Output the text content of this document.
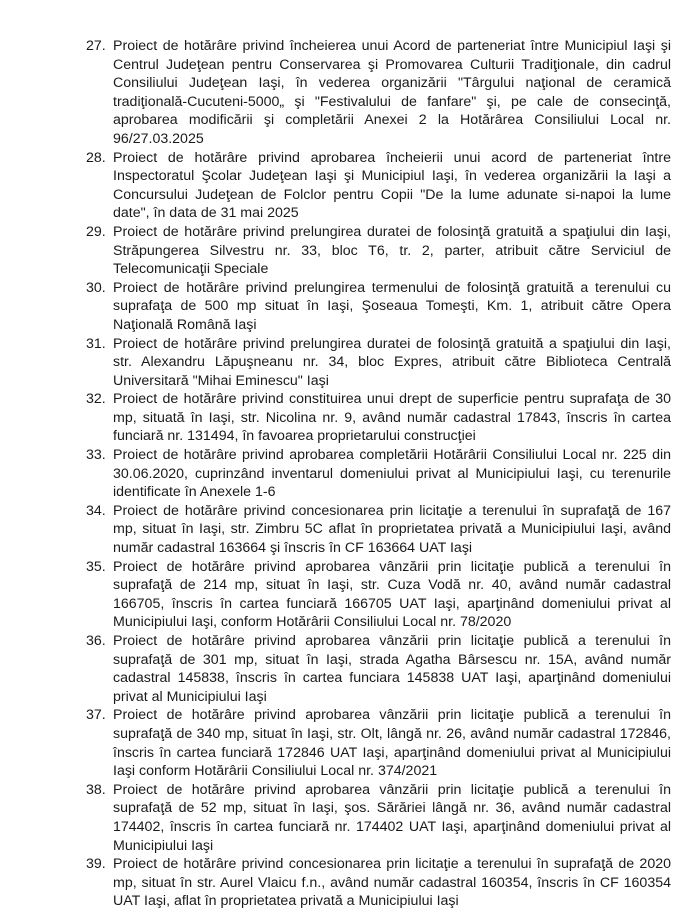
27. Proiect de hotărâre privind încheierea unui Acord de parteneriat între Municipiul Iaşi şi Centrul Judeţean pentru Conservarea şi Promovarea Culturii Tradiţionale, din cadrul Consiliului Judeţean Iaşi, în vederea organizării "Târgului naţional de ceramică tradiţională-Cucuteni-5000„ şi "Festivalului de fanfare" şi, pe cale de consecinţă, aprobarea modificării şi completării Anexei 2 la Hotărârea Consiliului Local nr. 96/27.03.2025
28. Proiect de hotărâre privind aprobarea încheierii unui acord de parteneriat între Inspectoratul Şcolar Judeţean Iaşi şi Municipiul Iaşi, în vederea organizării la Iaşi a Concursului Judeţean de Folclor pentru Copii "De la lume adunate si-napoi la lume date", în data de 31 mai 2025
29. Proiect de hotărâre privind prelungirea duratei de folosinţă gratuită a spaţiului din Iaşi, Străpungerea Silvestru nr. 33, bloc T6, tr. 2, parter, atribuit către Serviciul de Telecomunicaţii Speciale
30. Proiect de hotărâre privind prelungirea termenului de folosinţă gratuită a terenului cu suprafaţa de 500 mp situat în Iaşi, Şoseaua Tomeşti, Km. 1, atribuit către Opera Naţională Română Iaşi
31. Proiect de hotărâre privind prelungirea duratei de folosinţă gratuită a spaţiului din Iaşi, str. Alexandru Lăpuşneanu nr. 34, bloc Expres, atribuit către Biblioteca Centrală Universitară "Mihai Eminescu" Iaşi
32. Proiect de hotărâre privind constituirea unui drept de superficie pentru suprafaţa de 30 mp, situată în Iaşi, str. Nicolina nr. 9, având număr cadastral 17843, înscris în cartea funciară nr. 131494, în favoarea proprietarului construcţiei
33. Proiect de hotărâre privind aprobarea completării Hotărârii Consiliului Local nr. 225 din 30.06.2020, cuprinzând inventarul domeniului privat al Municipiului Iaşi, cu terenurile identificate în Anexele 1-6
34. Proiect de hotărâre privind concesionarea prin licitaţie a terenului în suprafaţă de 167 mp, situat în Iaşi, str. Zimbru 5C aflat în proprietatea privată a Municipiului Iaşi, având număr cadastral 163664 şi înscris în CF 163664 UAT Iaşi
35. Proiect de hotărâre privind aprobarea vânzării prin licitaţie publică a terenului în suprafaţă de 214 mp, situat în Iaşi, str. Cuza Vodă nr. 40, având număr cadastral 166705, înscris în cartea funciară 166705 UAT Iaşi, aparţinând domeniului privat al Municipiului Iaşi, conform Hotărârii Consiliului Local nr. 78/2020
36. Proiect de hotărâre privind aprobarea vânzării prin licitaţie publică a terenului în suprafaţă de 301 mp, situat în Iaşi, strada Agatha Bârsescu nr. 15A, având număr cadastral 145838, înscris în cartea funciara 145838 UAT Iaşi, aparţinând domeniului privat al Municipiului Iaşi
37. Proiect de hotărâre privind aprobarea vânzării prin licitaţie publică a terenului în suprafaţă de 340 mp, situat în Iaşi, str. Olt, lângă nr. 26, având număr cadastral 172846, înscris în cartea funciară 172846 UAT Iaşi, aparţinând domeniului privat al Municipiului Iaşi conform Hotărârii Consiliului Local nr. 374/2021
38. Proiect de hotărâre privind aprobarea vânzării prin licitaţie publică a terenului în suprafaţă de 52 mp, situat în Iaşi, şos. Sărăriei lângă nr. 36, având număr cadastral 174402, înscris în cartea funciară nr. 174402 UAT Iaşi, aparţinând domeniului privat al Municipiului Iaşi
39. Proiect de hotărâre privind concesionarea prin licitaţie a terenului în suprafaţă de 2020 mp, situat în str. Aurel Vlaicu f.n., având număr cadastral 160354, înscris în CF 160354 UAT Iaşi, aflat în proprietatea privată a Municipiului Iaşi
